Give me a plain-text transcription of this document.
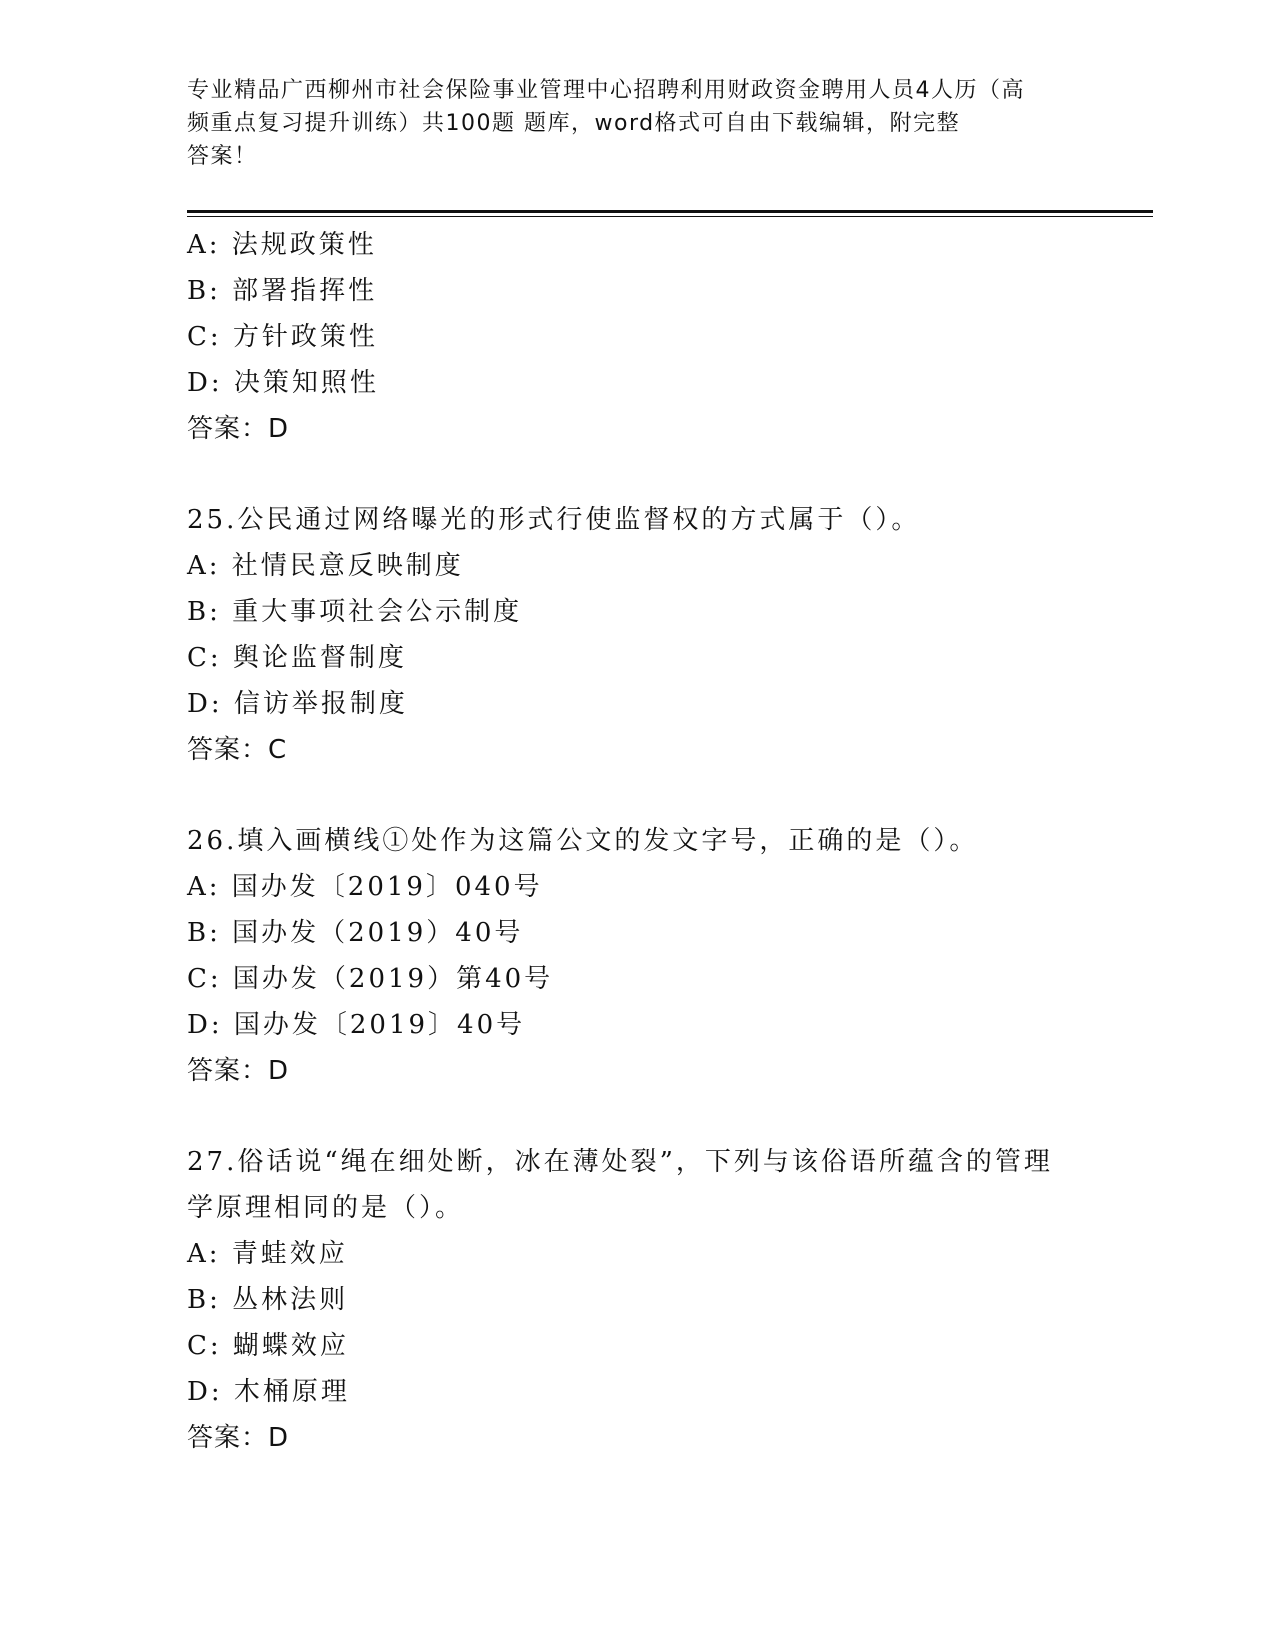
专业精品广西柳州市社会保险事业管理中心招聘利用财政资金聘用人员4人历（高
频重点复习提升训练）共100题 题库，word格式可自由下载编辑，附完整
答案！
A: 法规政策性
B: 部署指挥性
C: 方针政策性
D: 决策知照性
答案：D
25.公民通过网络曝光的形式行使监督权的方式属于（）。
A: 社情民意反映制度
B: 重大事项社会公示制度
C: 舆论监督制度
D: 信访举报制度
答案：C
26.填入画横线①处作为这篇公文的发文字号，正确的是（）。
A: 国办发〔2019〕040号
B: 国办发（2019）40号
C: 国办发（2019）第40号
D: 国办发〔2019〕40号
答案：D
27.俗话说“绳在细处断，冰在薄处裂”，下列与该俗语所蕴含的管理
学原理相同的是（）。
A: 青蛙效应
B: 丛林法则
C: 蝴蝶效应
D: 木桶原理
答案：D
